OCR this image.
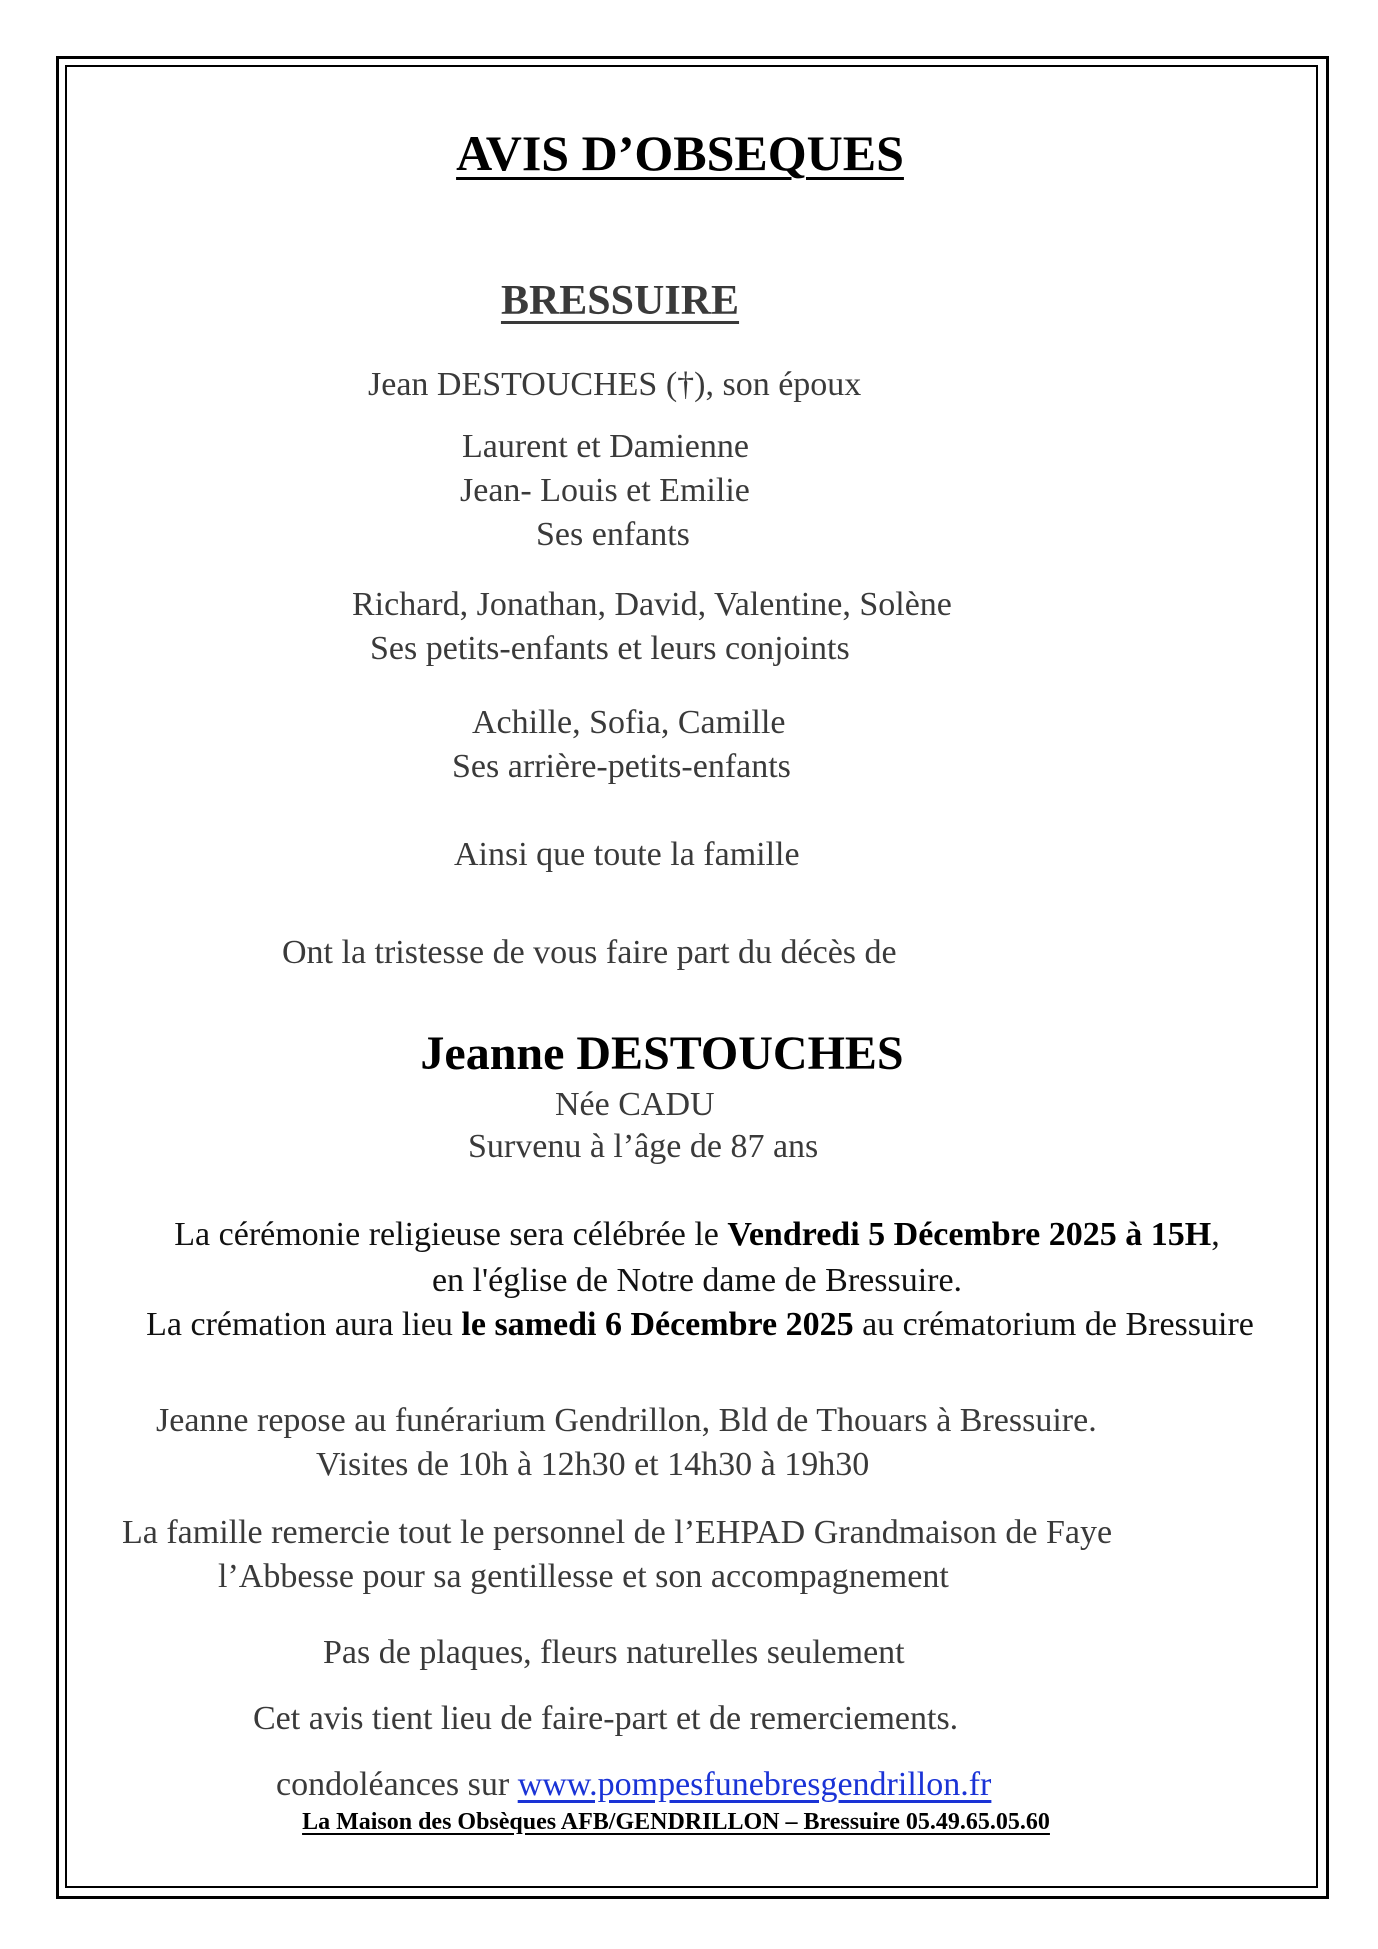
AVIS D’OBSEQUES
BRESSUIRE
Jean DESTOUCHES (†), son époux
Laurent et Damienne
Jean- Louis et Emilie
Ses enfants
Richard, Jonathan, David, Valentine, Solène
Ses petits-enfants et leurs conjoints
Achille, Sofia, Camille
Ses arrière-petits-enfants
Ainsi que toute la famille
Ont la tristesse de vous faire part du décès de
Jeanne DESTOUCHES
Née CADU
Survenu à l’âge de 87 ans
La cérémonie religieuse sera célébrée le Vendredi 5 Décembre 2025 à 15H,
en l'église de Notre dame de Bressuire.
La crémation aura lieu le samedi 6 Décembre 2025 au crématorium de Bressuire
Jeanne repose au funérarium Gendrillon, Bld de Thouars à Bressuire.
Visites de 10h à 12h30 et 14h30 à 19h30
La famille remercie tout le personnel de l’EHPAD Grandmaison de Faye
l’Abbesse pour sa gentillesse et son accompagnement
Pas de plaques, fleurs naturelles seulement
Cet avis tient lieu de faire-part et de remerciements.
condoléances sur www.pompesfunebresgendrillon.fr
La Maison des Obsèques AFB/GENDRILLON – Bressuire 05.49.65.05.60
